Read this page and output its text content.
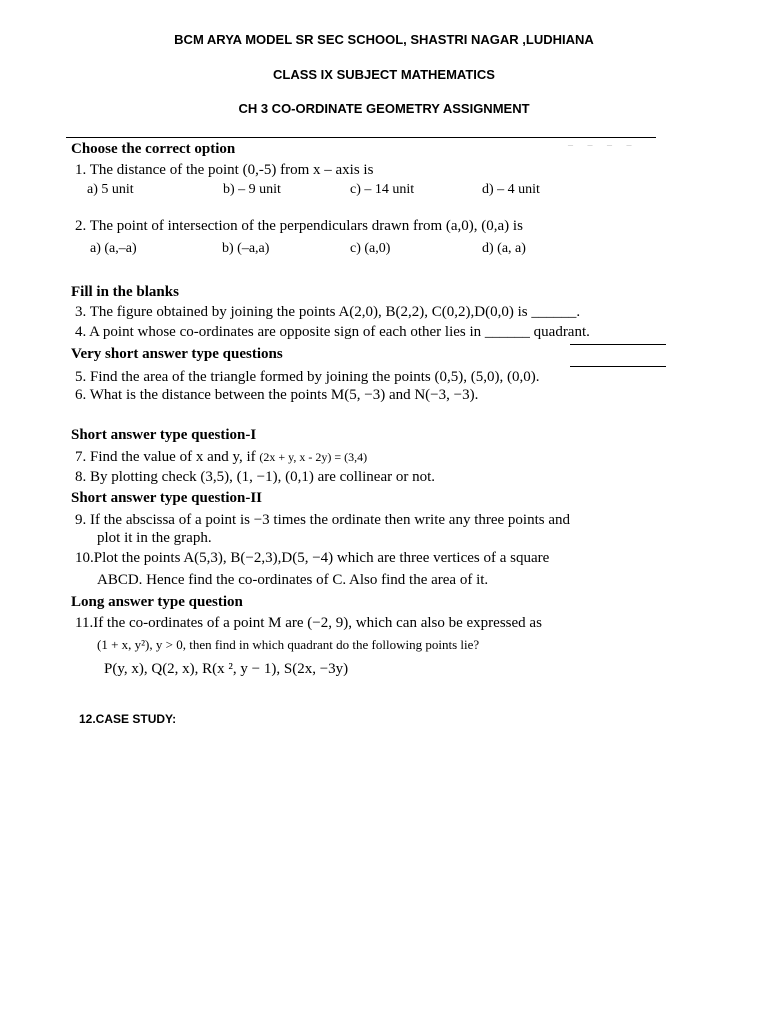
BCM ARYA MODEL SR SEC SCHOOL, SHASTRI NAGAR ,LUDHIANA
CLASS IX SUBJECT MATHEMATICS
CH 3 CO-ORDINATE GEOMETRY ASSIGNMENT
‒ ‒ ‒ ‒
Choose the correct option
1. The distance of the point (0,-5) from x – axis is
a) 5 unit	b) – 9 unit	c) – 14 unit	d) – 4 unit
2. The point of intersection of the perpendiculars drawn from (a,0), (0,a) is
a) (a,–a)	b) (–a,a)	c) (a,0)	d) (a, a)
Fill in the blanks
3. The figure obtained by joining the points A(2,0), B(2,2), C(0,2),D(0,0) is ______.
4. A point whose co-ordinates are opposite sign of each other lies in ______ quadrant.
Very short answer type questions
5. Find the area of the triangle formed by joining the points (0,5), (5,0), (0,0).
6. What is the distance between the points M(5, −3) and N(−3, −3).
Short answer type question-I
7. Find the value of x and y, if (2x + y, x - 2y) = (3,4)
8. By plotting check (3,5), (1, −1), (0,1) are collinear or not.
Short answer type question-II
9. If the abscissa of a point is −3 times the ordinate then write any three points and
plot it in the graph.
10.Plot the points A(5,3), B(−2,3),D(5, −4) which are three vertices of a square
ABCD. Hence find the co-ordinates of C. Also find the area of it.
Long answer type question
11.If the co-ordinates of a point M are (−2, 9), which can also be expressed as
(1 + x, y²), y > 0, then find in which quadrant do the following points lie?
P(y, x), Q(2, x), R(x ², y − 1), S(2x, −3y)
12.CASE STUDY:
